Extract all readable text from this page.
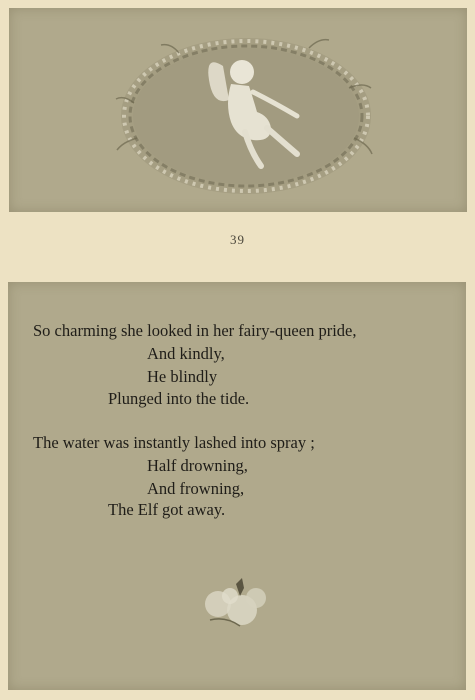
39
So charming she looked in her fairy-queen pride,
And kindly,
He blindly
Plunged into the tide.
The water was instantly lashed into spray ;
Half drowning,
And frowning,
The Elf got away.
